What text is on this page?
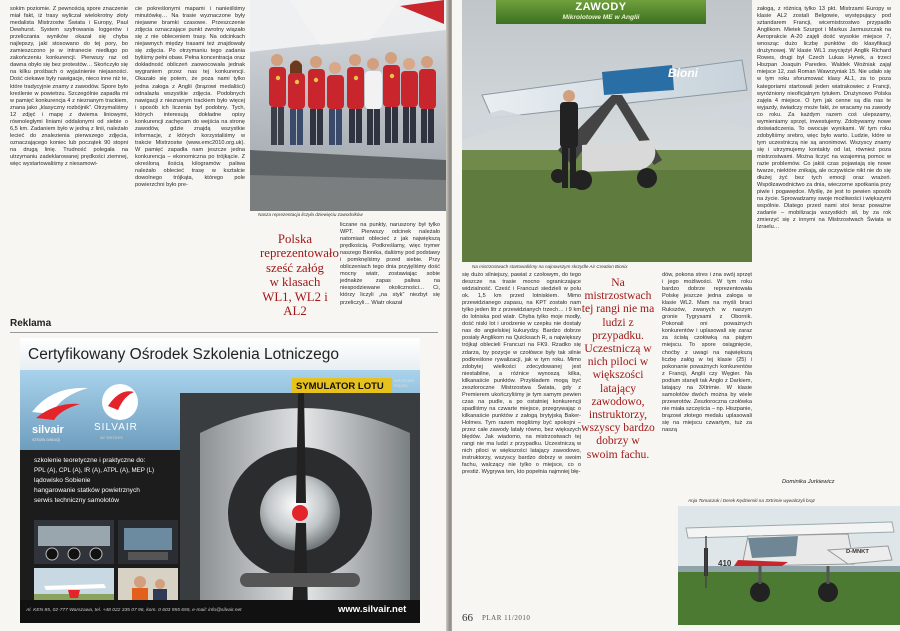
sokim poziomie. Z pewnością spore znaczenie miał fakt, iż trasy wyliczał wielokrotny złoty medalista Mistrzostw Świata i Europy, Paul Dewhurst. System szyfrowania loggerów i przeliczania wyników okazał się chyba najlepszy, jaki stosowano do tej pory, bo zamieszczono je w intranecie niedługo po zakończeniu konkurencji. Pierwszy raz od dawna obyło się bez protestów… Skończyło się na kilku prośbach o wyjaśnienie niejasności. Dość ciekawe były nawigacje, nieco inne niż te, które tradycyjnie znamy z zawodów. Spore było kreślenie w powietrzu. Szczególnie zapadła mi w pamięć konkurencja 4 z nieznanym trackiem, znana jako „klasyczny rozbójnik”. Otrzymaliśmy 12 zdjęć i mapę z dwiema liniowymi, równoległymi liniami oddalonymi od siebie o 6,5 km. Zadaniem było w jedną z linii, należało lecieć do znalezienia pierwszego zdjęcia, oznaczającego koniec lub początek 90 stopni na drugą linię. Trudność polegała na utrzymaniu zadeklarowanej prędkości ziemnej, więc wystartowaliśmy z niesamowi-

cie pokreślonymi mapami i nanieśliśmy minutówkę… Na trasie wyznaczone były niejawne bramki czasowe. Przeszczenie zdjęcia oznaczające punkt zwrotny wiązało się z nie obleceniem trasy. Na odcinkach niejawnych między trasami też znajdowały się zdjęcia. Po otrzymaniu tego zadania byliśmy pełni obaw. Pełna koncentracja oraz dokładność obliczeń zaowocowała jednak wygraniem przez nas tej konkurencji. Okazało się potem, że poza nami tylko jedna załoga z Anglii (brązowi medaliści) odnalazła wszystkie zdjęcia. Podobnych nawigacji z nieznanym trackiem było więcej i sposób ich liczenia był podobny. Tych, których interesują dokładne opisy konkurencji zachęcam do wejścia na stronę zawodów, gdzie znajdą wszystkie informacje, z których korzystaliśmy w trakcie Mistrzostw (www.emc2010.org.uk). W pamięć zapadła nam jeszcze jedna konkurencja – ekonomiczna po trójkącie. Z określoną ilością kilogramów paliwa należało oblecieć trasę w kształcie dowolnego trójkąta, którego pole powierzchni było pre-

Nasza reprezentacja liczyła dziewięciu zawodników
Polska reprezentowało sześć załóg w klasach WL1, WL2 i AL2

liczane na punkty, naruszony był tylko WPT. Pierwszy odcinek należało natomiast oblecieć z jak największą prędkością. Podkreślamy, więc trymer naszego Bionika, daliśmy pod podstawy i pomknęliśmy przed siebie. Przy obliczeniach tego dnia przyjęliśmy dość mocny wiatr, zostawiając sobie jednakże zapas paliwa na niespodziewane okoliczności… Ci, którzy liczyli „na styk” niezbyt się przeliczyli… Wiatr okazał

Reklama
Certyfikowany Ośrodek Szkolenia Lotniczego
silvair
szkoła awiacji
SILVAIR
air services
SYMULATOR LOTU	WRZESIEŃ POLSKI
szkolenie teoretyczne i praktyczne do:
PPL (A), CPL (A), IR (A), ATPL (A), MEP (L)
lądowisko Sobienie
hangarowanie statków powietrznych
serwis techniczny samolotów
Al. KEN 85, 02-777 Warszawa, tel. +48 022 335 07 96, kom. 0 603 955 655, e-mail: info@silvair.net	www.silvair.net
Bioni
ZAWODY
Mikrolotowe ME w Anglii
Na mistrzostwach startowaliśmy na najnowszym skrzydle Air Creation Bionix

się dużo silniejszy, pawiat z czołowym, do tego deszcze na trasie mocno ograniczające widzialność. Cześć i Francuzi siedzieli w polu ok. 1,5 km przed lotniskiem. Mimo przewidzianego zapasu, na KPT zostało nam tylko jeden litr z przewidzianych trzech… i 9 km do lotniska pod wiatr. Chyba tylko moje modły, dość niski lot i urodzenie w czepku nie dostały nas do angielskiej kukurydzy. Bardzo dobrze posiały Anglikom na Quicksach R, a największy trójkąt oblecieli Francuzi na FK9. Rzadko się zdarza, by pozycje w czołówce były tak silnie podkreślone rywalizacji, jak w tym roku. Mimo zdobytej wielkości zdecydowanej jest niestabilne, a różnice wynoszą kilka, kilkanaście punktów. Przykładem mogą być zeszłoroczne Mistrzostwa Świata, gdy z Premierem ukończyliśmy je tym samym pewien czas na pudle, a po ostatniej konkurencji spadliśmy na czwarte miejsce, przegrywając o kilkanaście punktów z załogą brytyjską Baker-Holmes. Tym razem mogliśmy być spokojni – przez całe zawody latały równo, bez większych błędów. Jak wiadomo, na mistrzostwach tej rangi nie ma ludzi z przypadku. Uczestniczą w nich piloci w większości latający zawodowo, instruktorzy, wszyscy bardzo dobrzy w swoim fachu, walczący nie tylko o miejsce, co o prestiż. Wygrywa ten, kto popełnia najmniej błę-

Na mistrzostwach tej rangi nie ma ludzi z przypadku. Uczestniczą w nich piloci w większości latający zawodowo, instruktorzy, wszyscy bardzo dobrzy w swoim fachu.

dów, pokona stres i zna swój sprzęt i jego możliwości. W tym roku bardzo dobrze reprezentowała Polskę jeszcze jedna załoga w klasie WL2. Mam na myśli braci Rukszów, zwanych w naszym gronie Tygrysami z Obornik. Pokonali oni poważnych konkurentów i uplasowali się zaraz za ścisłą czołówką na piątym miejscu. To spore osiągnięcie, choćby z uwagi na największą liczbę załóg w tej klasie (25) i pokonanie poważnych konkurentów z Francji, Anglii czy Węgier. Na podium stanęli tak Anglo z Darkiem, latający na 3Xtrimie. W klasie samolotów dwóch można by wiele przewrotów. Zeszłoroczna czołówka nie miała szczęścia – np. Hiszpanie, brązowi złotego medalu uplasowali się na miejscu czwartym, tuż za naszą

załogą, z różnicą tylko 13 pkt. Mistrzami Europy w klasie AL2 zostali Belgowie, występujący pod sztandarem Francji, wicemistrzostwo przypadło Anglikom. Mietek Szurgot i Markus Jarmuszczak na Aeroprakcie A-20 zajęli dość wysokie miejsce 7, wnosząc dużo liczbę punktów do klasyfikacji drużynowej. W klasie WL1 zwyciężył Anglik Richard Rowes, drugi był Czech Lukas Hynek, a trzeci Hiszpan Joaquin Paredes. Waldek Woźniak zajął miejsce 12, zaś Roman Wawrzyniak 15. Nie udało się w tym roku sforumować klasy AL1, za to poza kategoriami startowali jeden wiatrakowiec z Francji, wyróżniony nieoficjalnym tytułem. Drużynowo Polska zajęła 4 miejsce. O tym jak cenne są dla nas te wyjazdy, świadczy może fakt, że wracamy na zawody co roku. Za każdym razem coś ulepszamy, wymieniamy sprzęt, inwestujemy. Zdobywamy nowe doświadczenia. To owocuje wynikami. W tym roku zdobyliśmy srebro, więc było warto. Ludzie, które w tym uczestniczą nie są anonimowi. Wszyscy znamy się i utrzymujemy kontakty od lat, również poza mistrzostwami. Można liczyć na wzajemną pomoc w razie problemów. Co jakiś czas pojawiają się nowe twarze, niektóre znikają, ale oczywiście nikt nie do się dłużej żyć bez tych emocji oraz wrażeń. Współzawodnictwo za dnia, wieczorne spotkania przy piwie i pogawędce. Myślę, że jest to pewien sposób na życie. Sprowadzamy swoje możliwości i większymi wspólnie. Dlatego przed nami stoi teraz poważne zadanie – mobilizacja wszystkich sił, by za rok zmierzyć się z innymi na Mistrzostwach Świata w Izraelu…

Dominika Jurkiewicz
Anja Tomaczuk i Derek Kędzierski na 3Xtrimie wywalczyli brąz
410
D-MNKT
66 PLAR 11/2010
